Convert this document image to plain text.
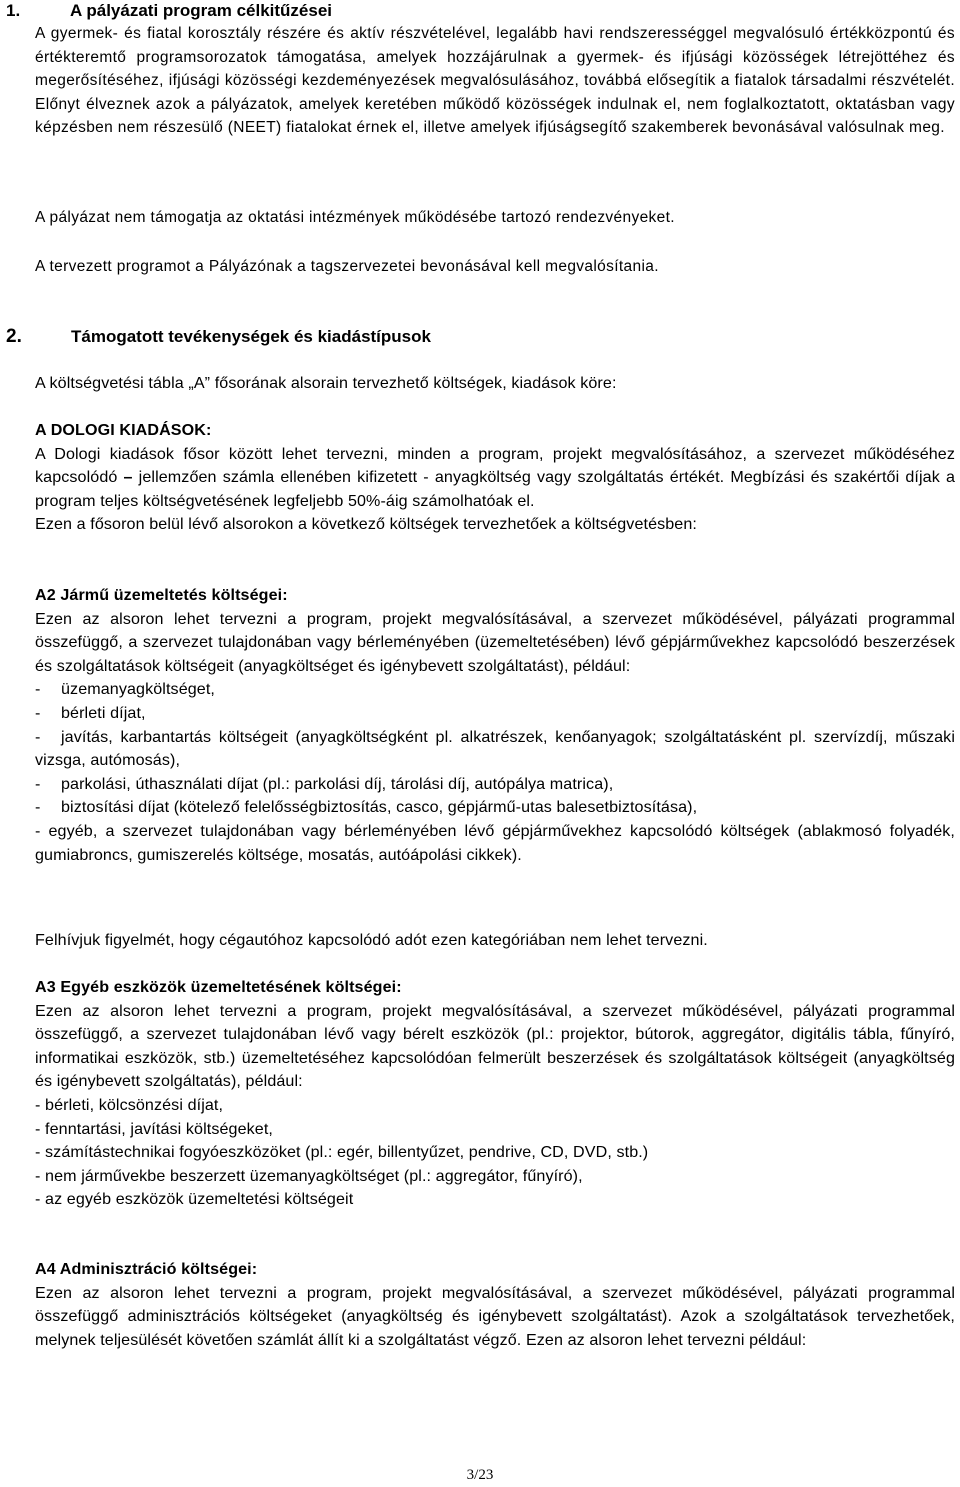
1.	A pályázati program célkitűzései

A gyermek- és fiatal korosztály részére és aktív részvételével, legalább havi rendszerességgel megvalósuló értékközpontú és értékteremtő programsorozatok támogatása, amelyek hozzájárulnak a gyermek- és ifjúsági közösségek létrejöttéhez és megerősítéséhez, ifjúsági közösségi kezdeményezések megvalósulásához, továbbá elősegítik a fiatalok társadalmi részvételét. Előnyt élveznek azok a pályázatok, amelyek keretében működő közösségek indulnak el, nem foglalkoztatott, oktatásban vagy képzésben nem részesülő (NEET) fiatalokat érnek el, illetve amelyek ifjúságsegítő szakemberek bevonásával valósulnak meg.

A pályázat nem támogatja az oktatási intézmények működésébe tartozó rendezvényeket.

A tervezett programot a Pályázónak a tagszervezetei bevonásával kell megvalósítania.

2.	Támogatott tevékenységek és kiadástípusok

A költségvetési tábla „A” fősorának alsorain tervezhető költségek, kiadások köre:

A DOLOGI KIADÁSOK:
A Dologi kiadások fősor között lehet tervezni, minden a program, projekt megvalósításához, a szervezet működéséhez kapcsolódó – jellemzően számla ellenében kifizetett - anyagköltség vagy szolgáltatás értékét. Megbízási és szakértői díjak a program teljes költségvetésének legfeljebb 50%-áig számolhatóak el.
Ezen a fősoron belül lévő alsorokon a következő költségek tervezhetőek a költségvetésben:
A2 Jármű üzemeltetés költségei:
Ezen az alsoron lehet tervezni a program, projekt megvalósításával, a szervezet működésével, pályázati programmal összefüggő, a szervezet tulajdonában vagy bérleményében (üzemeltetésében) lévő gépjárművekhez kapcsolódó beszerzések és szolgáltatások költségeit (anyagköltséget és igénybevett szolgáltatást), például:
- üzemanyagköltséget,
- bérleti díjat,
- javítás, karbantartás költségeit (anyagköltségként pl. alkatrészek, kenőanyagok; szolgáltatásként pl. szervízdíj, műszaki vizsga, autómosás),
- parkolási, úthasználati díjat (pl.: parkolási díj, tárolási díj, autópálya matrica),
- biztosítási díjat (kötelező felelősségbiztosítás, casco, gépjármű-utas balesetbiztosítása),
- egyéb, a szervezet tulajdonában vagy bérleményében lévő gépjárművekhez kapcsolódó költségek (ablakmosó folyadék, gumiabroncs, gumiszerelés költsége, mosatás, autóápolási cikkek).

Felhívjuk figyelmét, hogy cégautóhoz kapcsolódó adót ezen kategóriában nem lehet tervezni.

A3 Egyéb eszközök üzemeltetésének költségei:
Ezen az alsoron lehet tervezni a program, projekt megvalósításával, a szervezet működésével, pályázati programmal összefüggő, a szervezet tulajdonában lévő vagy bérelt eszközök (pl.: projektor, bútorok, aggregátor, digitális tábla, fűnyíró, informatikai eszközök, stb.) üzemeltetéséhez kapcsolódóan felmerült beszerzések és szolgáltatások költségeit (anyagköltség és igénybevett szolgáltatás), például:
- bérleti, kölcsönzési díjat,
- fenntartási, javítási költségeket,
- számítástechnikai fogyóeszközöket (pl.: egér, billentyűzet, pendrive, CD, DVD, stb.)
- nem járművekbe beszerzett üzemanyagköltséget (pl.: aggregátor, fűnyíró),
- az egyéb eszközök üzemeltetési költségeit
A4 Adminisztráció költségei:
Ezen az alsoron lehet tervezni a program, projekt megvalósításával, a szervezet működésével, pályázati programmal összefüggő adminisztrációs költségeket (anyagköltség és igénybevett szolgáltatást). Azok a szolgáltatások tervezhetőek, melynek teljesülését követően számlát állít ki a szolgáltatást végző. Ezen az alsoron lehet tervezni például:
3/23
